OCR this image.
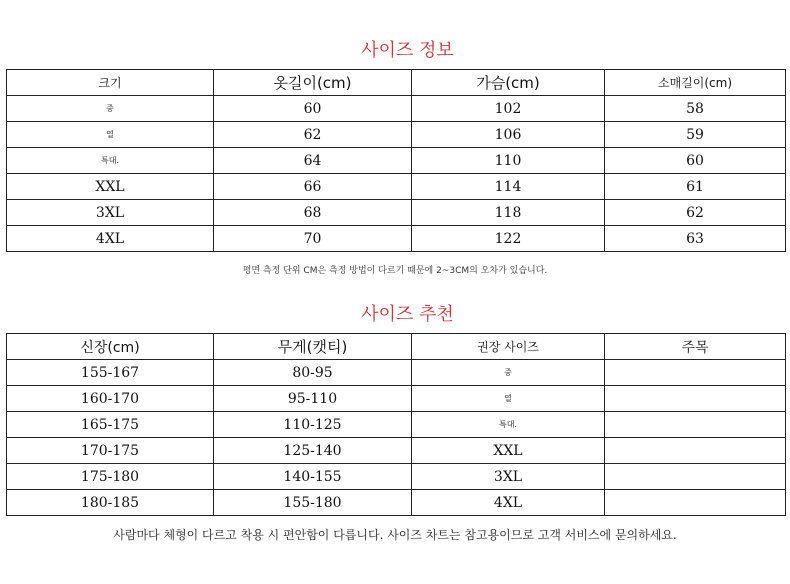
사이즈 정보
크기	옷길이(cm)	가슴(cm)	소매길이(cm)
중	60	102	58
열	62	106	59
특대.	64	110	60
XXL	66	114	61
3XL	68	118	62
4XL	70	122	63
평면 측정 단위 CM은 측정 방법이 다르기 때문에 2~3CM의 오차가 있습니다.
사이즈 추천
신장(cm)	무게(캣티)	권장 사이즈	주목
155-167	80-95	중	
160-170	95-110	열	
165-175	110-125	특대.	
170-175	125-140	XXL	
175-180	140-155	3XL	
180-185	155-180	4XL	
사람마다 체형이 다르고 착용 시 편안함이 다릅니다. 사이즈 차트는 참고용이므로 고객 서비스에 문의하세요.
